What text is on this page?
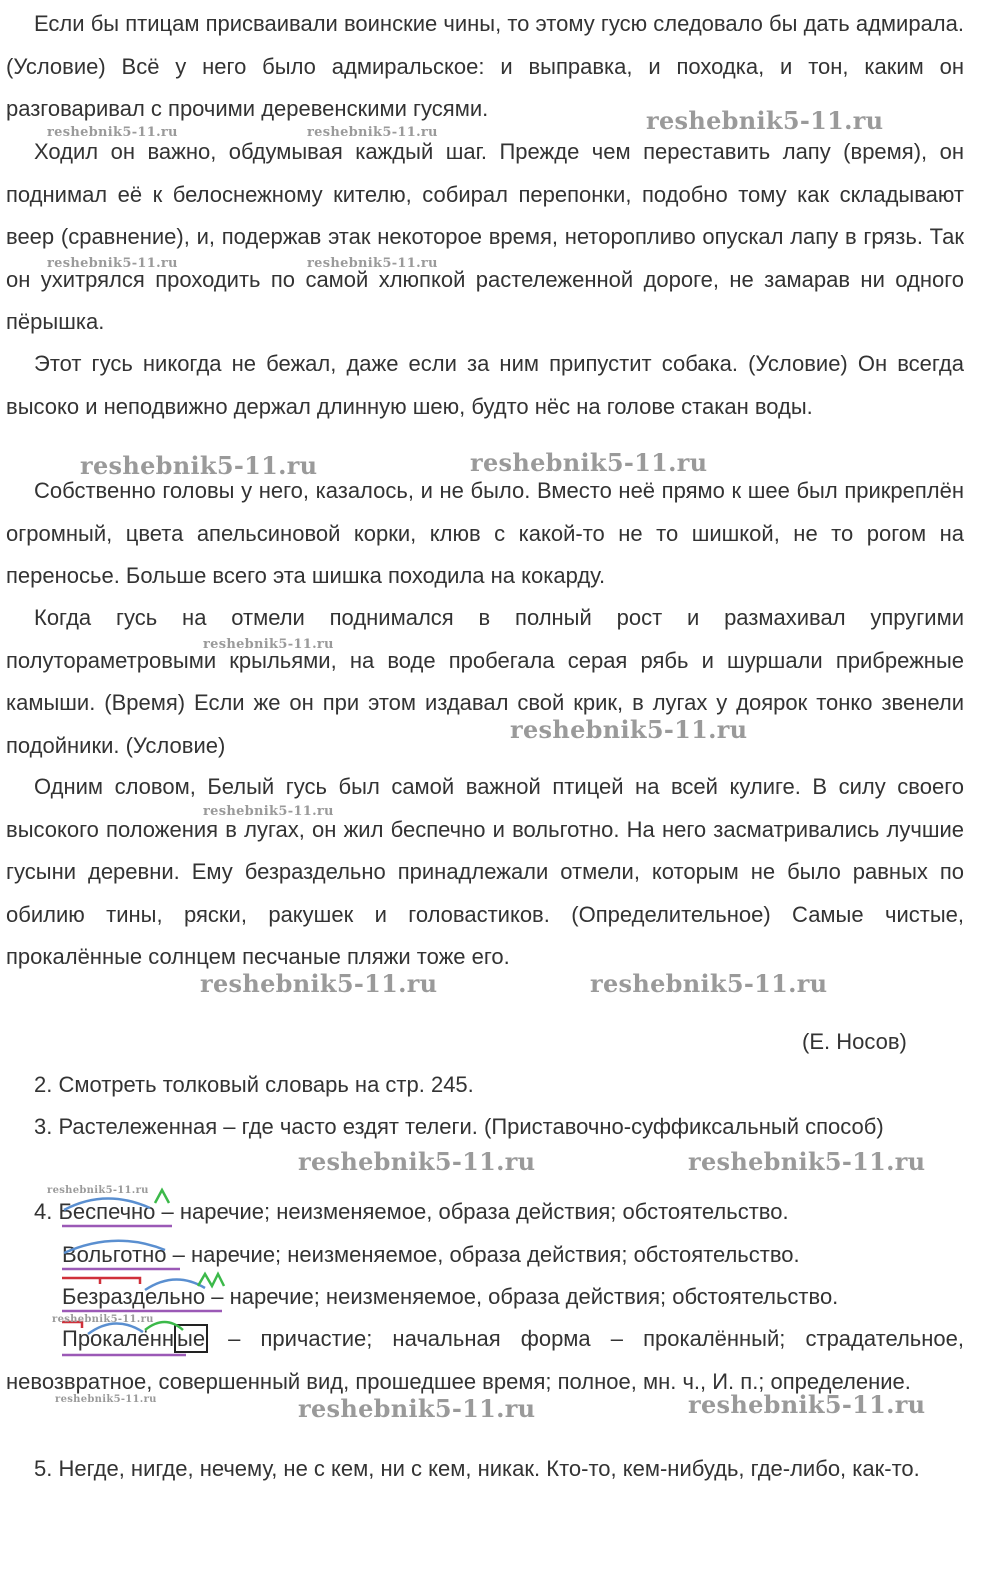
Если бы птицам присваивали воинские чины, то этому гусю следовало бы дать адмирала. (Условие) Всё у него было адмиральское: и выправка, и походка, и тон, каким он разговаривал с прочими деревенскими гусями.

Ходил он важно, обдумывая каждый шаг. Прежде чем переставить лапу (время), он поднимал её к белоснежному кителю, собирал перепонки, подобно тому как складывают веер (сравнение), и, подержав этак некоторое время, неторопливо опускал лапу в грязь. Так он ухитрялся проходить по самой хлюпкой растележенной дороге, не замарав ни одного пёрышка.

Этот гусь никогда не бежал, даже если за ним припустит собака. (Условие) Он всегда высоко и неподвижно держал длинную шею, будто нёс на голове стакан воды.

Собственно головы у него, казалось, и не было. Вместо неё прямо к шее был прикреплён огромный, цвета апельсиновой корки, клюв с какой-то не то шишкой, не то рогом на переносье. Больше всего эта шишка походила на кокарду.

Когда гусь на отмели поднимался в полный рост и размахивал упругими полутораметровыми крыльями, на воде пробегала серая рябь и шуршали прибрежные камыши. (Время) Если же он при этом издавал свой крик, в лугах у доярок тонко звенели подойники. (Условие)

Одним словом, Белый гусь был самой важной птицей на всей кулиге. В силу своего высокого положения в лугах, он жил беспечно и вольготно. На него засматривались лучшие гусыни деревни. Ему безраздельно принадлежали отмели, которым не было равных по обилию тины, ряски, ракушек и головастиков. (Определительное) Самые чистые, прокалённые солнцем песчаные пляжи тоже его.

(Е. Носов)

2. Смотреть толковый словарь на стр. 245.

3. Растележенная – где часто ездят телеги. (Приставочно-суффиксальный способ)

4. Беспечно – наречие; неизменяемое, образа действия; обстоятельство.
Вольготно – наречие; неизменяемое, образа действия; обстоятельство.
Безраздельно – наречие; неизменяемое, образа действия; обстоятельство.

Прокалённ ые – причастие; начальная форма – прокалённый; страдательное, невозвратное, совершенный вид, прошедшее время; полное, мн. ч., И. п.; определение.

5. Негде, нигде, нечему, не с кем, ни с кем, никак. Кто-то, кем-нибудь, где-либо, как-то.

reshebnik5-11.ru
reshebnik5-11.ru	reshebnik5-11.ru
reshebnik5-11.ru	reshebnik5-11.ru
reshebnik5-11.ru	reshebnik5-11.ru
reshebnik5-11.ru
reshebnik5-11.ru
reshebnik5-11.ru
reshebnik5-11.ru	reshebnik5-11.ru
reshebnik5-11.ru	reshebnik5-11.ru
reshebnik5-11.ru
reshebnik5-11.ru
reshebnik5-11.ru	reshebnik5-11.ru	reshebnik5-11.ru
